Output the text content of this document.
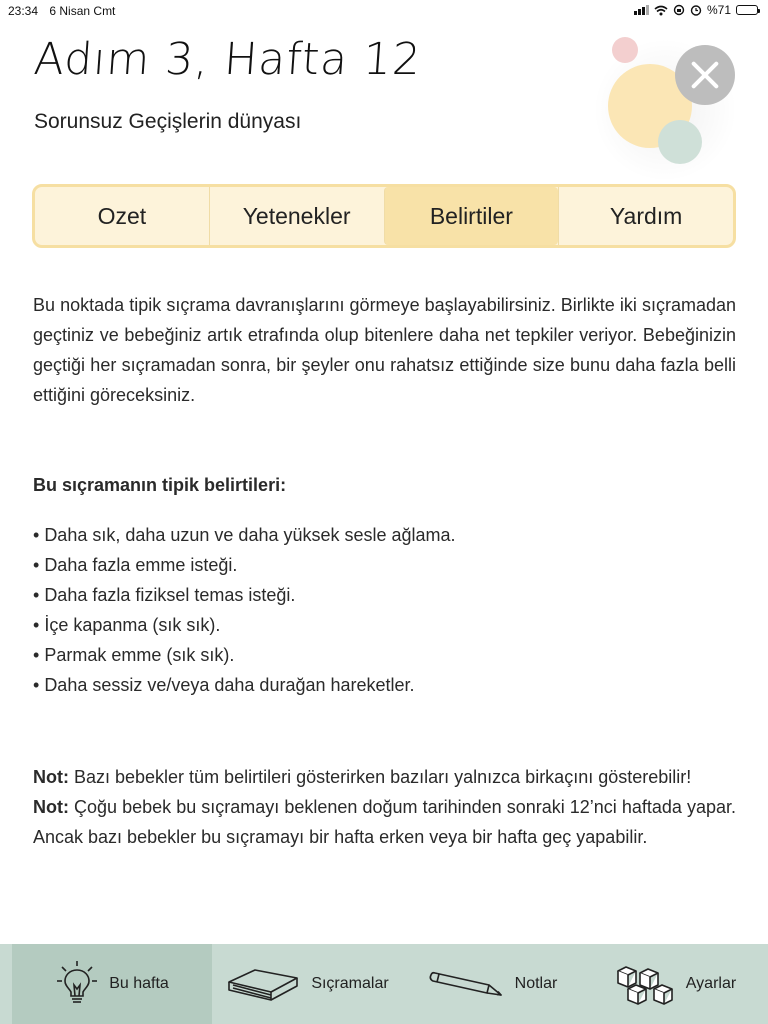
23:34 6 Nisan Cmt	%71
Adım 3, Hafta 12
Sorunsuz Geçişlerin dünyası
Ozet	Yetenekler	Belirtiler	Yardım

Bu noktada tipik sıçrama davranışlarını görmeye başlayabilirsiniz. Birlikte iki sıçramadan geçtiniz ve bebeğiniz artık etrafında olup bitenlere daha net tepkiler veriyor. Bebeğinizin geçtiği her sıçramadan sonra, bir şeyler onu rahatsız ettiğinde size bunu daha fazla belli ettiğini göreceksiniz.

Bu sıçramanın tipik belirtileri:

• Daha sık, daha uzun ve daha yüksek sesle ağlama.
• Daha fazla emme isteği.
• Daha fazla fiziksel temas isteği.
• İçe kapanma (sık sık).
• Parmak emme (sık sık).
• Daha sessiz ve/veya daha durağan hareketler.

Not: Bazı bebekler tüm belirtileri gösterirken bazıları yalnızca birkaçını gösterebilir!

Not: Çoğu bebek bu sıçramayı beklenen doğum tarihinden sonraki 12’nci haftada yapar. Ancak bazı bebekler bu sıçramayı bir hafta erken veya bir hafta geç yapabilir.

Bu hafta	Sıçramalar	Notlar	Ayarlar
